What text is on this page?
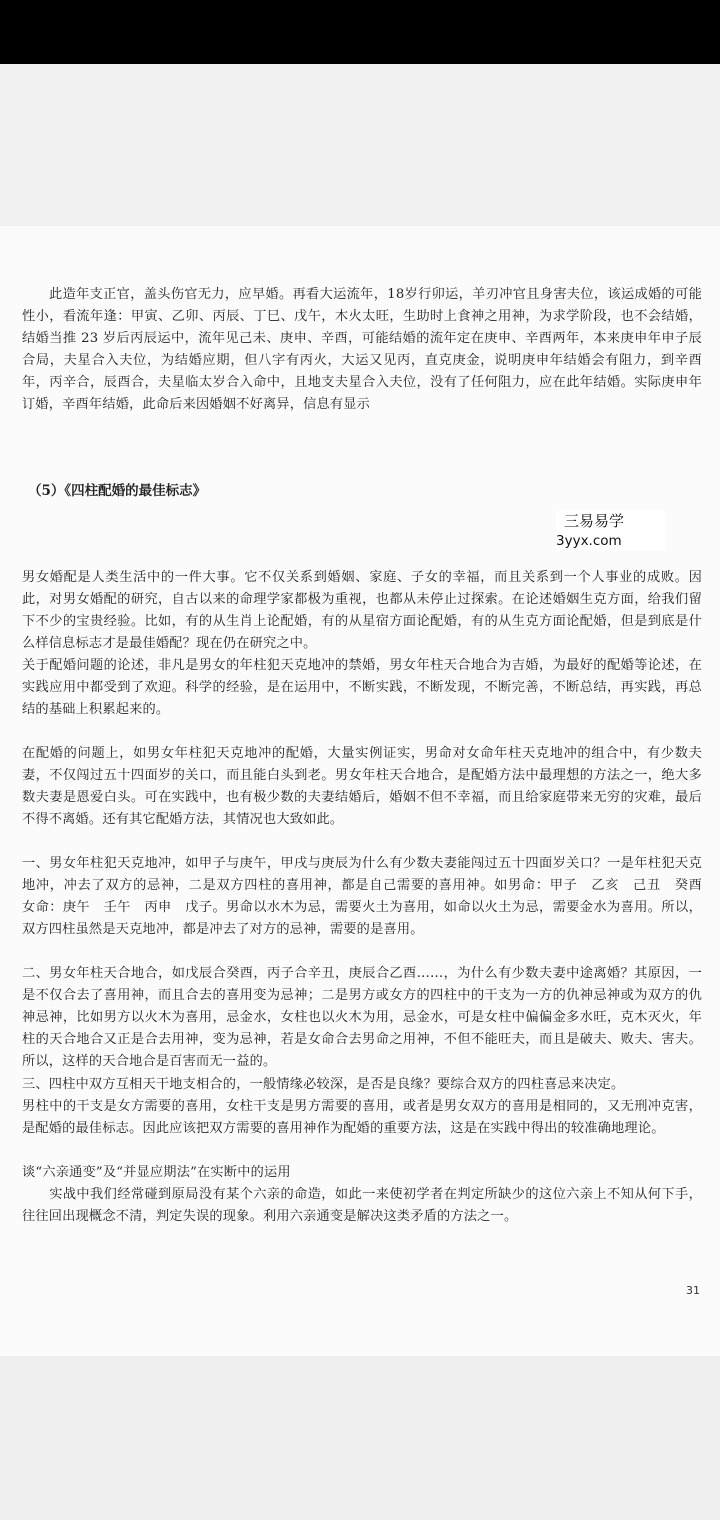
　　此造年支正官，盖头伤官无力，应早婚。再看大运流年，18岁行卯运，羊刃冲官且身害夫位，该运成婚的可能性小，看流年逢：甲寅、乙卯、丙辰、丁巳、戊午，木火太旺，生助时上食神之用神，为求学阶段，也不会结婚，结婚当推 23 岁后丙辰运中，流年见己未、庚申、辛酉，可能结婚的流年定在庚申、辛酉两年，本来庚申年申子辰合局，夫星合入夫位，为结婚应期，但八字有丙火，大运又见丙，直克庚金，说明庚申年结婚会有阻力，到辛酉年，丙辛合，辰酉合，夫星临太岁合入命中，且地支夫星合入夫位，没有了任何阻力，应在此年结婚。实际庚申年订婚，辛酉年结婚，此命后来因婚姻不好离异，信息有显示
（5）《四柱配婚的最佳标志》
男女婚配是人类生活中的一件大事。它不仅关系到婚姻、家庭、子女的幸福，而且关系到一个人事业的成败。因此，对男女婚配的研究，自古以来的命理学家都极为重视，也都从未停止过探索。在论述婚姻生克方面，给我们留下不少的宝贵经验。比如，有的从生肖上论配婚，有的从星宿方面论配婚，有的从生克方面论配婚，但是到底是什么样信息标志才是最佳婚配？现在仍在研究之中。
关于配婚问题的论述，非凡是男女的年柱犯天克地冲的禁婚，男女年柱天合地合为吉婚，为最好的配婚等论述，在实践应用中都受到了欢迎。科学的经验，是在运用中，不断实践，不断发现，不断完善，不断总结，再实践，再总结的基础上积累起来的。
在配婚的问题上，如男女年柱犯天克地冲的配婚，大量实例证实，男命对女命年柱天克地冲的组合中，有少数夫妻，不仅闯过五十四面岁的关口，而且能白头到老。男女年柱天合地合，是配婚方法中最理想的方法之一，绝大多数夫妻是恩爱白头。可在实践中，也有极少数的夫妻结婚后，婚姻不但不幸福，而且给家庭带来无穷的灾难，最后不得不离婚。还有其它配婚方法，其情况也大致如此。
一、男女年柱犯天克地冲，如甲子与庚午，甲戌与庚辰为什么有少数夫妻能闯过五十四面岁关口？一是年柱犯天克地冲，冲去了双方的忌神，二是双方四柱的喜用神，都是自己需要的喜用神。如男命：甲子　乙亥　己丑　癸酉　女命：庚午　壬午　丙申　戊子。男命以水木为忌，需要火土为喜用，如命以火土为忌，需要金水为喜用。所以，双方四柱虽然是天克地冲，都是冲去了对方的忌神，需要的是喜用。
二、男女年柱天合地合，如戊辰合癸酉，丙子合辛丑，庚辰合乙酉……，为什么有少数夫妻中途离婚？其原因，一是不仅合去了喜用神，而且合去的喜用变为忌神；二是男方或女方的四柱中的干支为一方的仇神忌神或为双方的仇神忌神，比如男方以火木为喜用，忌金水，女柱也以火木为用，忌金水，可是女柱中偏偏金多水旺，克木灭火，年柱的天合地合又正是合去用神，变为忌神，若是女命合去男命之用神，不但不能旺夫，而且是破夫、败夫、害夫。所以，这样的天合地合是百害而无一益的。
三、四柱中双方互相天干地支相合的，一般情缘必较深，是否是良缘？要综合双方的四柱喜忌来决定。
男柱中的干支是女方需要的喜用，女柱干支是男方需要的喜用，或者是男女双方的喜用是相同的，又无刑冲克害，是配婚的最佳标志。因此应该把双方需要的喜用神作为配婚的重要方法，这是在实践中得出的较准确地理论。
谈“六亲通变”及“并显应期法”在实断中的运用
　　实战中我们经常碰到原局没有某个六亲的命造，如此一来使初学者在判定所缺少的这位六亲上不知从何下手，往往回出现概念不清，判定失误的现象。利用六亲通变是解决这类矛盾的方法之一。
31
三易易学
3yyx.com
